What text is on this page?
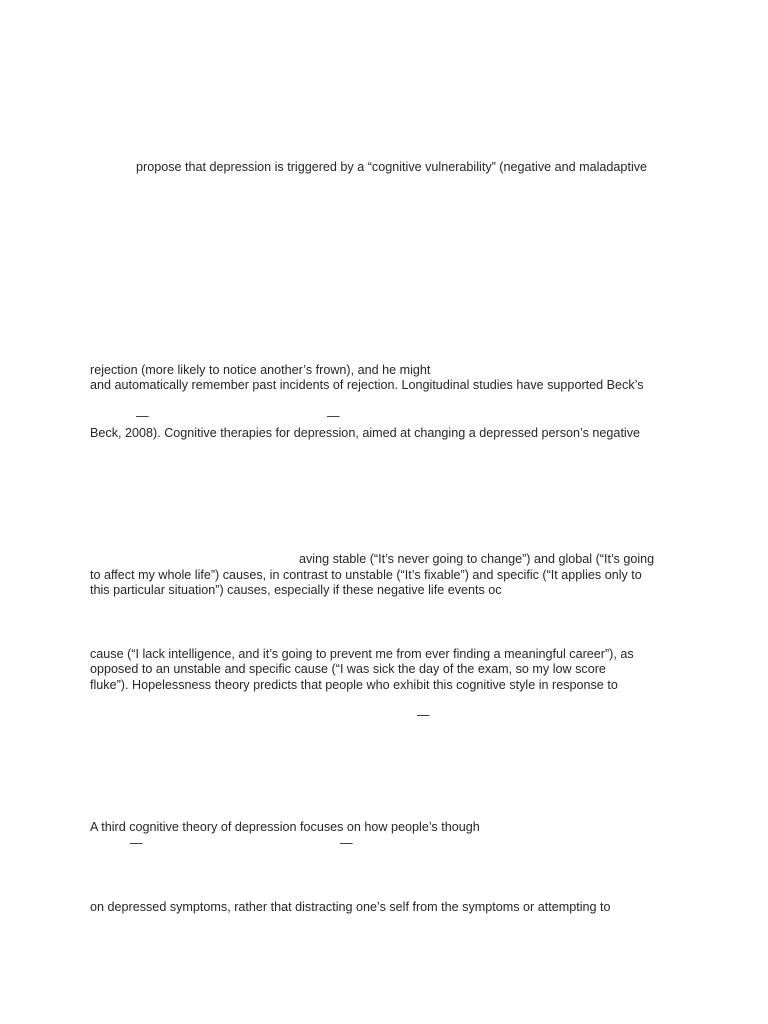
propose that depression is triggered by a “cognitive vulnerability” (negative and maladaptive

rejection (more likely to notice another’s frown), and he might

and automatically remember past incidents of rejection. Longitudinal studies have supported Beck’s

—	—

Beck, 2008). Cognitive therapies for depression, aimed at changing a depressed person’s negative

aving stable (“It’s never going to change”) and global (“It’s going

to affect my whole life”) causes, in contrast to unstable (“It’s fixable”) and specific (“It applies only to

this particular situation”) causes, especially if these negative life events oc

cause (“I lack intelligence, and it’s going to prevent me from ever finding a meaningful career”), as

opposed to an unstable and specific cause (“I was sick the day of the exam, so my low score

fluke”). Hopelessness theory predicts that people who exhibit this cognitive style in response to

—

A third cognitive theory of depression focuses on how people’s though

—	—

on depressed symptoms, rather that distracting one’s self from the symptoms or attempting to
